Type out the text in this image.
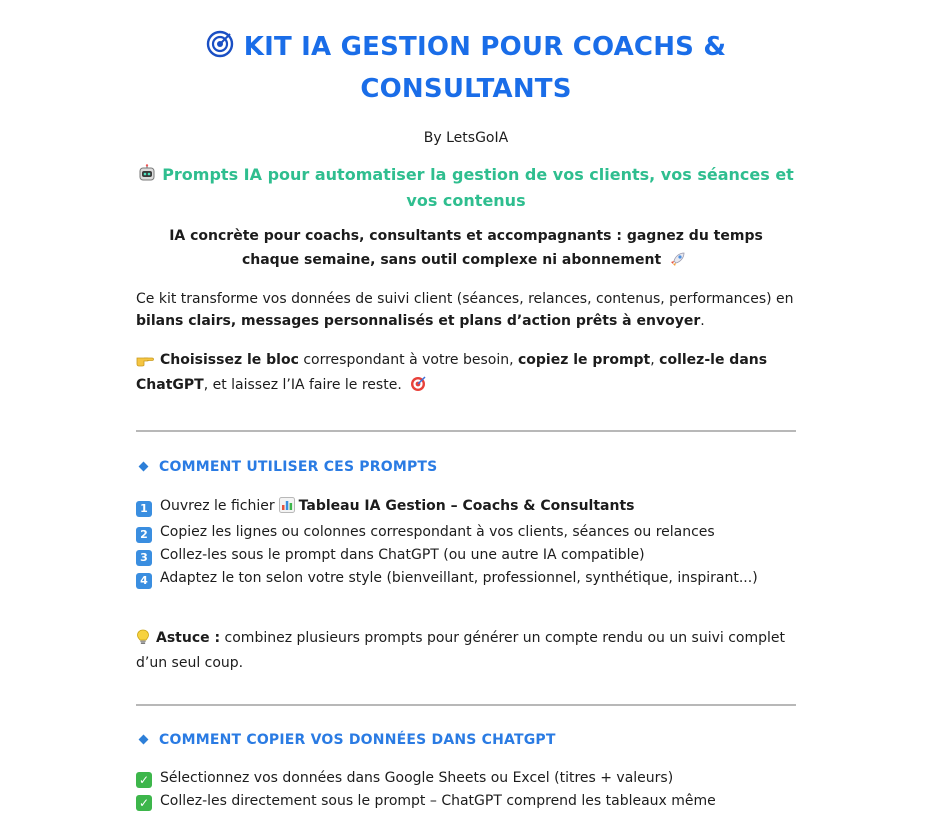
KIT IA GESTION POUR COACHS &
CONSULTANTS
By LetsGoIA
Prompts IA pour automatiser la gestion de vos clients, vos séances et vos contenus
IA concrète pour coachs, consultants et accompagnants : gagnez du temps chaque semaine, sans outil complexe ni abonnement
Ce kit transforme vos données de suivi client (séances, relances, contenus, performances) en bilans clairs, messages personnalisés et plans d’action prêts à envoyer.
Choisissez le bloc correspondant à votre besoin, copiez le prompt, collez-le dans ChatGPT, et laissez l’IA faire le reste.
COMMENT UTILISER CES PROMPTS
1 Ouvrez le fichier Tableau IA Gestion – Coachs & Consultants
2 Copiez les lignes ou colonnes correspondant à vos clients, séances ou relances
3 Collez-les sous le prompt dans ChatGPT (ou une autre IA compatible)
4 Adaptez le ton selon votre style (bienveillant, professionnel, synthétique, inspirant...)
Astuce : combinez plusieurs prompts pour générer un compte rendu ou un suivi complet d’un seul coup.
COMMENT COPIER VOS DONNÉES DANS CHATGPT
✓ Sélectionnez vos données dans Google Sheets ou Excel (titres + valeurs)
✓ Collez-les directement sous le prompt – ChatGPT comprend les tableaux même
